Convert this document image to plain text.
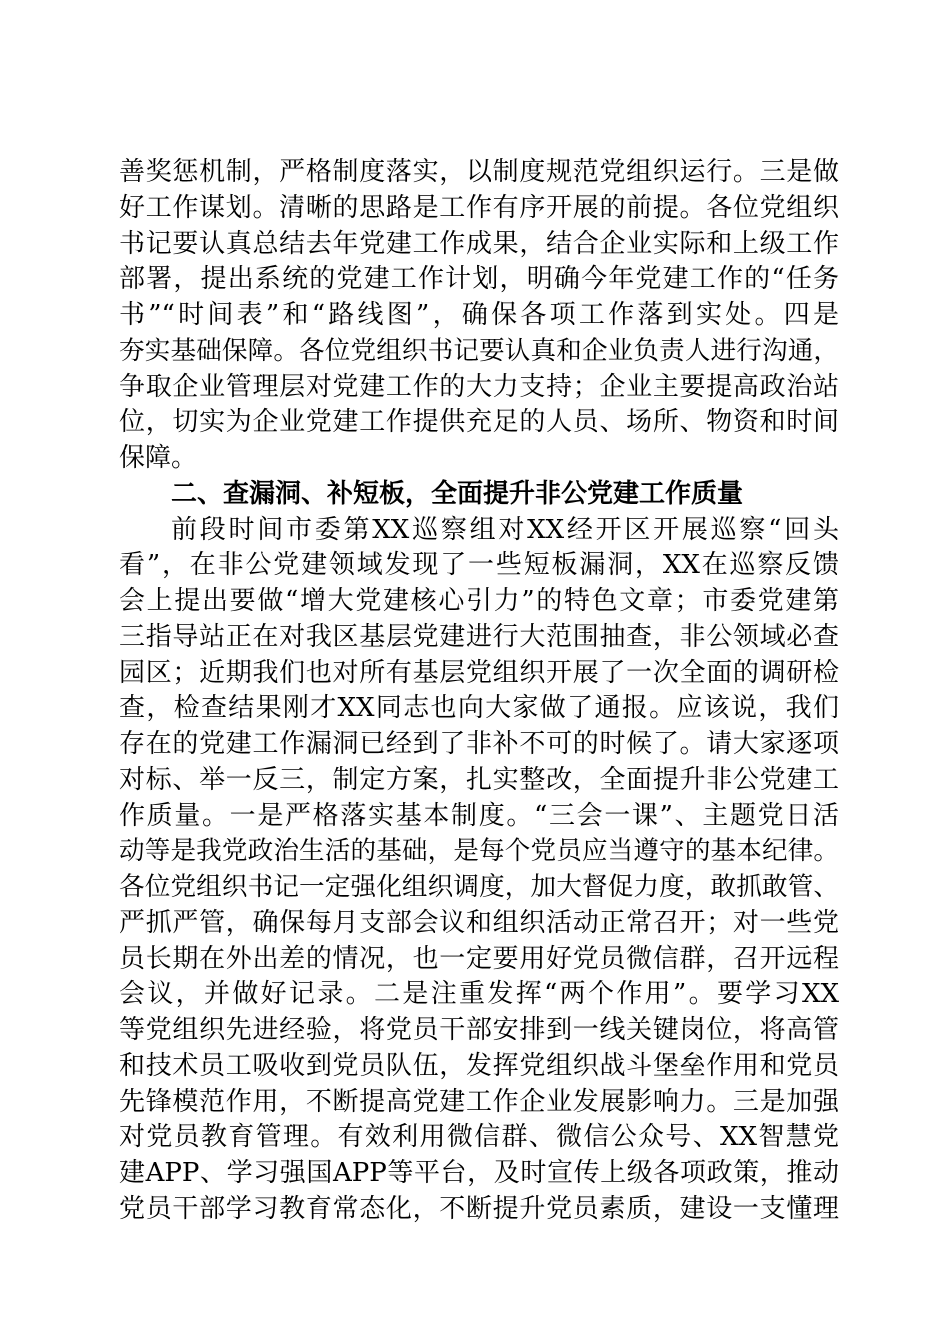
善奖惩机制，严格制度落实，以制度规范党组织运行。三是做
好工作谋划。清晰的思路是工作有序开展的前提。各位党组织
书记要认真总结去年党建工作成果，结合企业实际和上级工作
部署，提出系统的党建工作计划，明确今年党建工作的“任务
书”“时间表”和“路线图”，确保各项工作落到实处。四是
夯实基础保障。各位党组织书记要认真和企业负责人进行沟通，
争取企业管理层对党建工作的大力支持；企业主要提高政治站
位，切实为企业党建工作提供充足的人员、场所、物资和时间
保障。
二、查漏洞、补短板，全面提升非公党建工作质量
前段时间市委第XX巡察组对XX经开区开展巡察“回头
看”，在非公党建领域发现了一些短板漏洞，XX在巡察反馈
会上提出要做“增大党建核心引力”的特色文章；市委党建第
三指导站正在对我区基层党建进行大范围抽查，非公领域必查
园区；近期我们也对所有基层党组织开展了一次全面的调研检
查，检查结果刚才XX同志也向大家做了通报。应该说，我们
存在的党建工作漏洞已经到了非补不可的时候了。请大家逐项
对标、举一反三，制定方案，扎实整改，全面提升非公党建工
作质量。一是严格落实基本制度。“三会一课”、主题党日活
动等是我党政治生活的基础，是每个党员应当遵守的基本纪律。
各位党组织书记一定强化组织调度，加大督促力度，敢抓敢管、
严抓严管，确保每月支部会议和组织活动正常召开；对一些党
员长期在外出差的情况，也一定要用好党员微信群，召开远程
会议，并做好记录。二是注重发挥“两个作用”。要学习XX
等党组织先进经验，将党员干部安排到一线关键岗位，将高管
和技术员工吸收到党员队伍，发挥党组织战斗堡垒作用和党员
先锋模范作用，不断提高党建工作企业发展影响力。三是加强
对党员教育管理。有效利用微信群、微信公众号、XX智慧党
建APP、学习强国APP等平台，及时宣传上级各项政策，推动
党员干部学习教育常态化，不断提升党员素质，建设一支懂理
